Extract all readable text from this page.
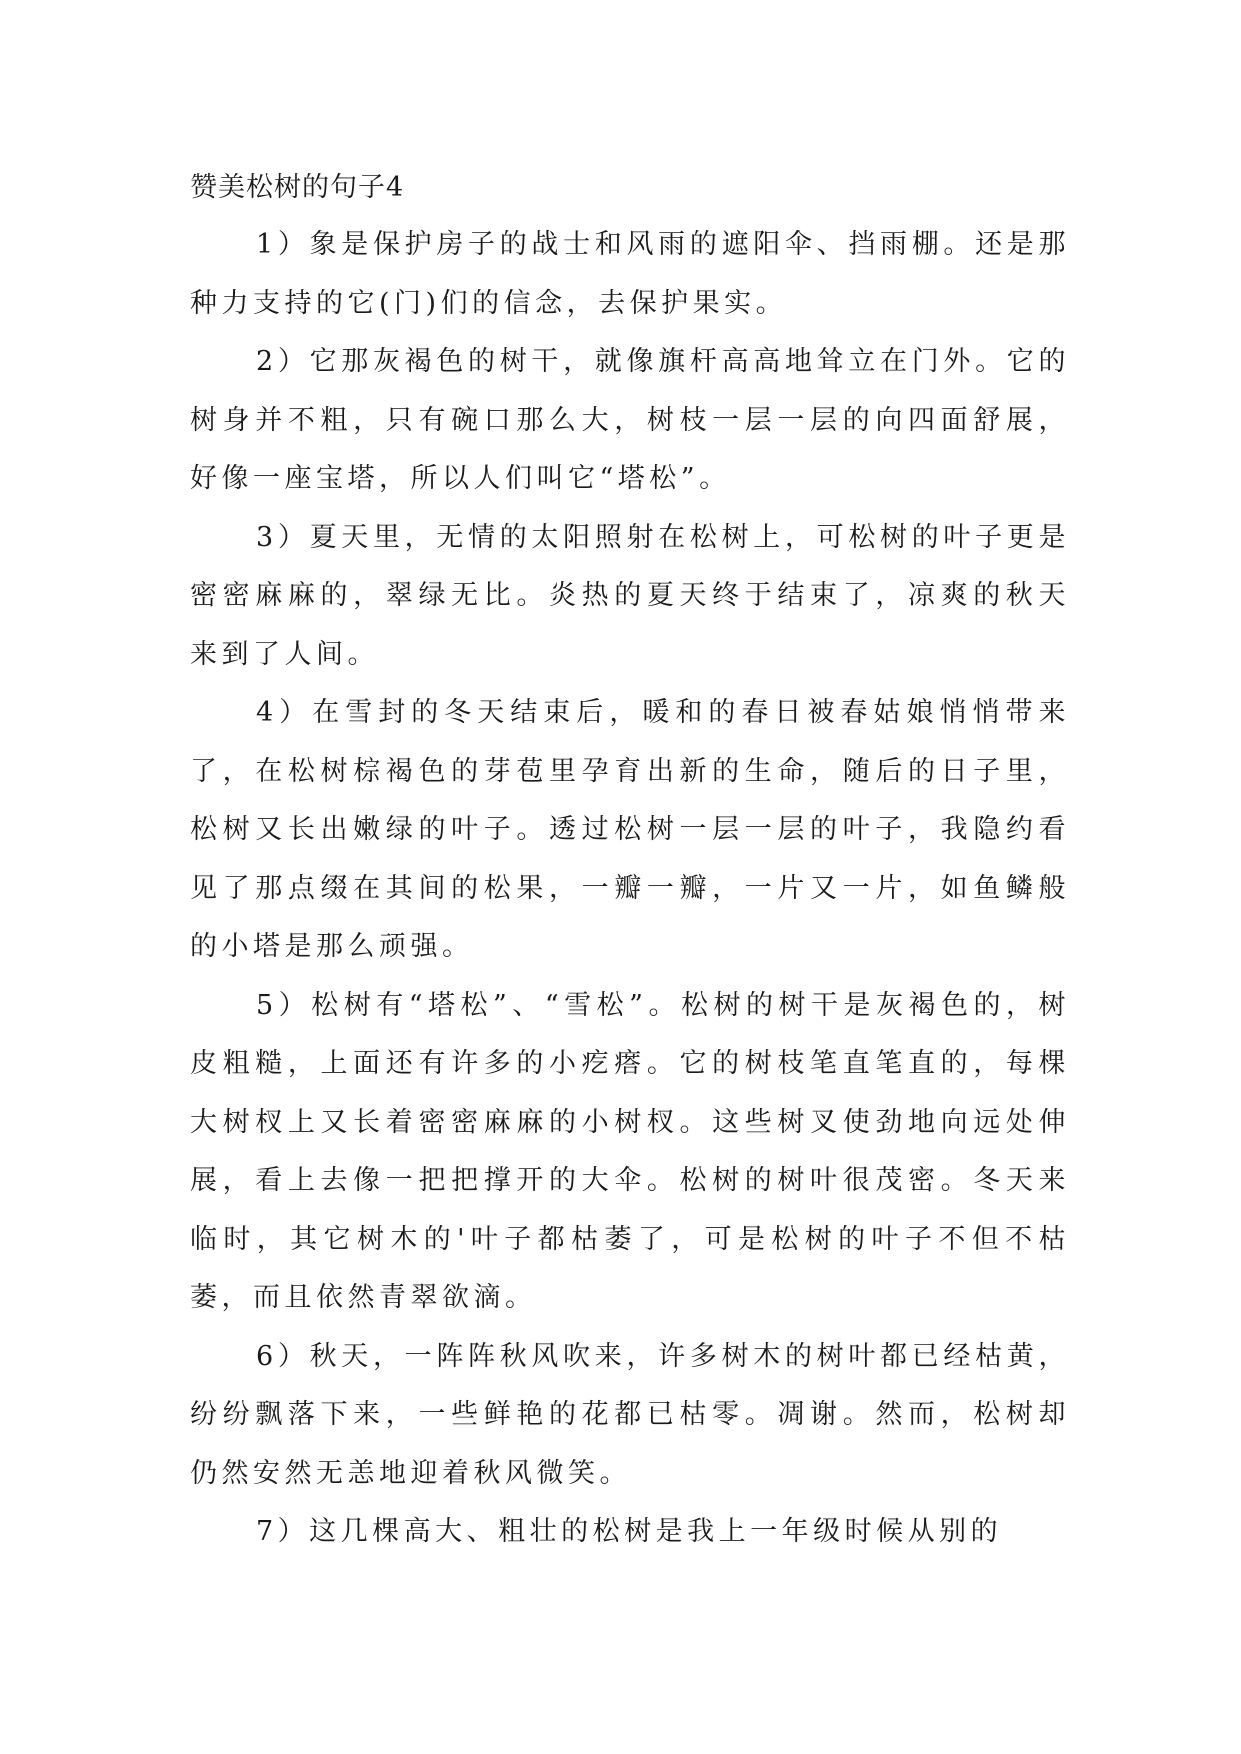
赞美松树的句子4

1）象是保护房子的战士和风雨的遮阳伞、挡雨棚。还是那种力支持的它(门)们的信念，去保护果实。

2）它那灰褐色的树干，就像旗杆高高地耸立在门外。它的树身并不粗，只有碗口那么大，树枝一层一层的向四面舒展，好像一座宝塔，所以人们叫它“塔松”。

3）夏天里，无情的太阳照射在松树上，可松树的叶子更是密密麻麻的，翠绿无比。炎热的夏天终于结束了，凉爽的秋天来到了人间。

4）在雪封的冬天结束后，暖和的春日被春姑娘悄悄带来了，在松树棕褐色的芽苞里孕育出新的生命，随后的日子里，松树又长出嫩绿的叶子。透过松树一层一层的叶子，我隐约看见了那点缀在其间的松果，一瓣一瓣，一片又一片，如鱼鳞般的小塔是那么顽强。

5）松树有“塔松”、“雪松”。松树的树干是灰褐色的，树皮粗糙，上面还有许多的小疙瘩。它的树枝笔直笔直的，每棵大树杈上又长着密密麻麻的小树杈。这些树叉使劲地向远处伸展，看上去像一把把撑开的大伞。松树的树叶很茂密。冬天来临时，其它树木的'叶子都枯萎了，可是松树的叶子不但不枯萎，而且依然青翠欲滴。

6）秋天，一阵阵秋风吹来，许多树木的树叶都已经枯黄，纷纷飘落下来，一些鲜艳的花都已枯零。凋谢。然而，松树却仍然安然无恙地迎着秋风微笑。

7）这几棵高大、粗壮的松树是我上一年级时候从别的
